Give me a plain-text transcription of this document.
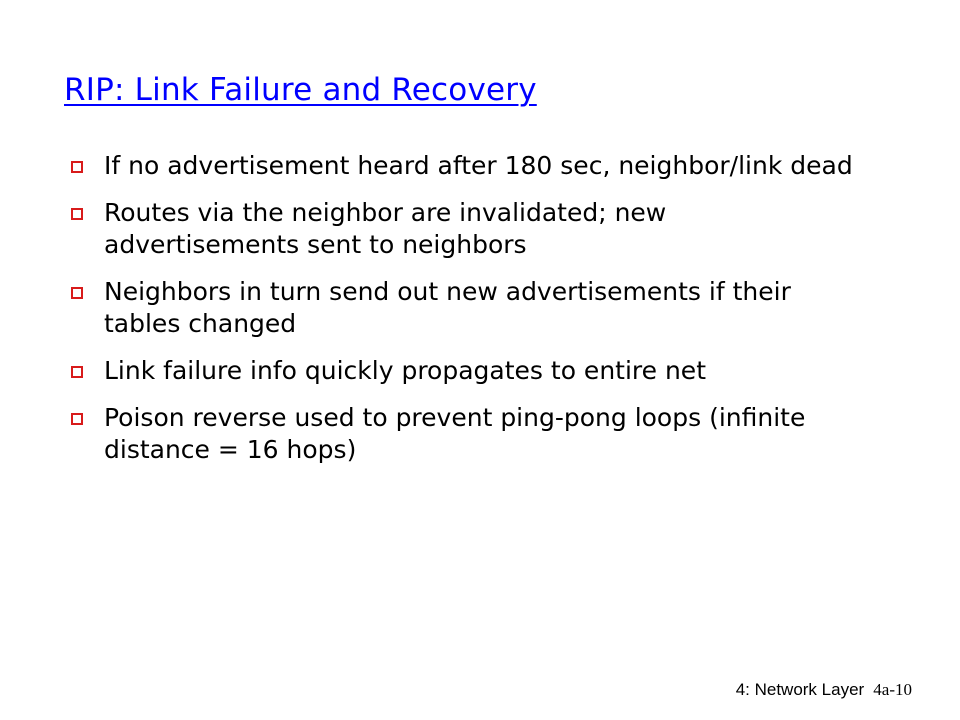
RIP: Link Failure and Recovery
If no advertisement heard after 180 sec, neighbor/link dead
Routes via the neighbor are invalidated; new advertisements sent to neighbors
Neighbors in turn send out new advertisements if their tables changed
Link failure info quickly propagates to entire net
Poison reverse used to prevent ping-pong loops (infinite distance = 16 hops)
4: Network Layer 4a-10
